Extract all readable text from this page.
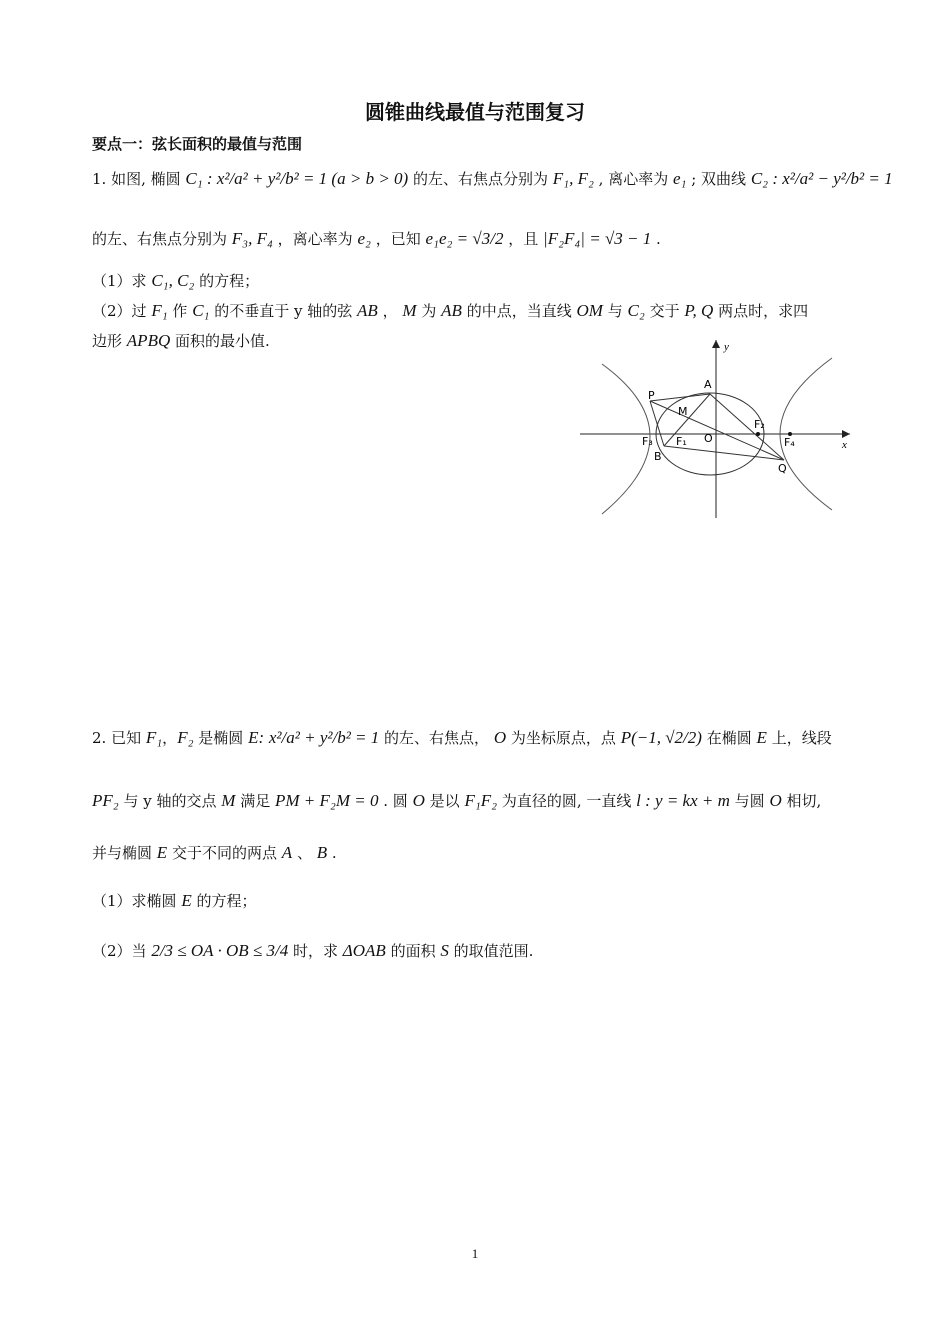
圆锥曲线最值与范围复习
要点一：弦长面积的最值与范围
1. 如图, 椭圆 C₁ : x²/a² + y²/b² = 1 (a > b > 0) 的左、右焦点分别为 F₁, F₂ , 离心率为 e₁ ; 双曲线 C₂ : x²/a² − y²/b² = 1
的左、右焦点分别为 F₃, F₄ ，离心率为 e₂ ，已知 e₁e₂ = √3/2 ，且 |F₂F₄| = √3 − 1 .
（1）求 C₁, C₂ 的方程；
（2）过 F₁ 作 C₁ 的不垂直于 y 轴的弦 AB ， M 为 AB 的中点，当直线 OM 与 C₂ 交于 P, Q 两点时，求四
边形 APBQ 面积的最小值.
P
A
M
F₂
F₃ F₁ O	F₄
B
Q
x
y
2. 已知 F₁，F₂ 是椭圆 E: x²/a² + y²/b² = 1 的左、右焦点， O 为坐标原点，点 P(−1, √2/2) 在椭圆 E 上，线段
PF₂ 与 y 轴的交点 M 满足 PM + F₂M = 0 . 圆 O 是以 F₁F₂ 为直径的圆, 一直线 l : y = kx + m 与圆 O 相切,
并与椭圆 E 交于不同的两点 A 、 B .
（1）求椭圆 E 的方程；
（2）当 2/3 ≤ OA · OB ≤ 3/4 时，求 ΔOAB 的面积 S 的取值范围.
1
